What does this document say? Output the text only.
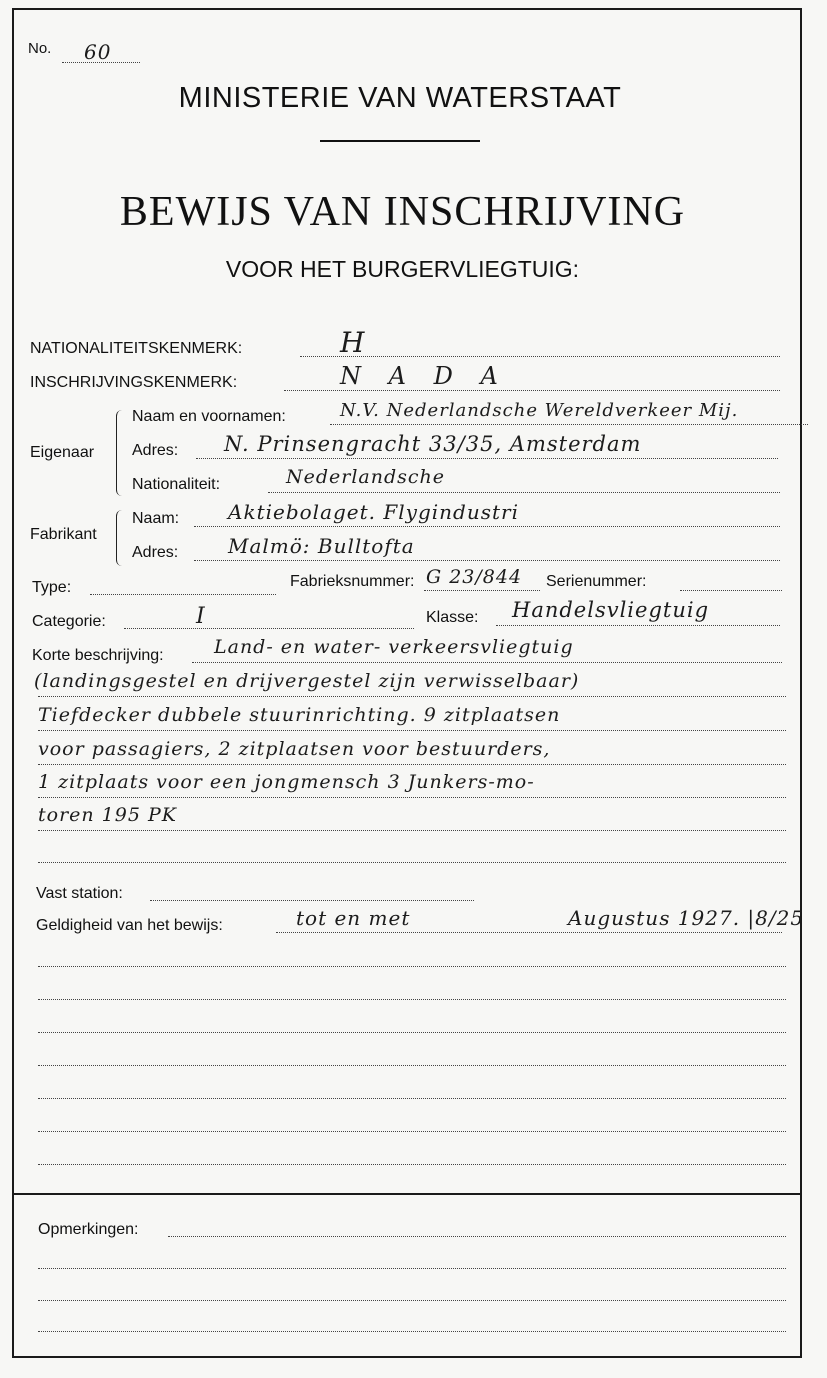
No. 60
MINISTERIE VAN WATERSTAAT
BEWIJS VAN INSCHRIJVING
VOOR HET BURGERVLIEGTUIG:
NATIONALITEITSKENMERK:	H
INSCHRIJVINGSKENMERK:	N A D A
Eigenaar
Naam en voornamen:	N.V. Nederlandsche Wereldverkeer Mij.
Adres: N. Prinsengracht 33/35, Amsterdam
Nationaliteit:	Nederlandsche
Fabrikant
Naam: Aktiebolaget. Flygindustri
Adres: Malmö: Bulltofta
Type:	Fabrieksnummer: G 23/844 Serienummer:
Categorie:	I	Klasse: Handelsvliegtuig
Korte beschrijving:	Land- en water- verkeersvliegtuig
(landingsgestel en drijvergestel zijn verwisselbaar)
Tiefdecker dubbele stuurinrichting. 9 zitplaatsen
voor passagiers, 2 zitplaatsen voor bestuurders,
1 zitplaats voor een jongmensch 3 Junkers-mo-
toren 195 PK
Vast station:
Geldigheid van het bewijs:	tot en met	Augustus 1927. |8/25
Opmerkingen:
